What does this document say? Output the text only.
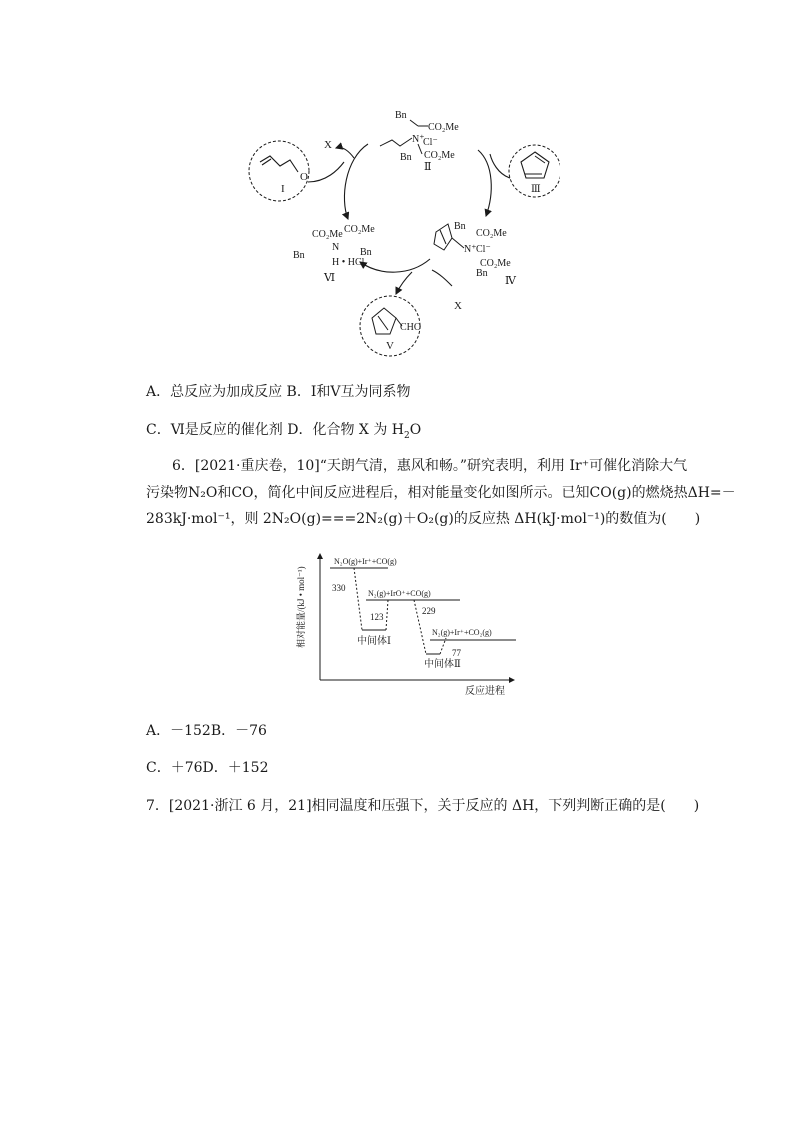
O
I	Ⅲ
Bn
CO₂Me
N⁺
Cl⁻
CO₂Me
Bn
Ⅱ
Bn
CO₂Me
N⁺ Cl⁻
CO₂Me
Bn
Ⅳ
CO₂Me CO₂Me
N Bn
Bn
H • HCl
Ⅵ
CHO
V
X
X
A．总反应为加成反应 B．Ⅰ和Ⅴ互为同系物
C．Ⅵ是反应的催化剂 D．化合物 X 为 $H_2O$
6．[2021·重庆卷，10]“天朗气清，惠风和畅。”研究表明，利用 Ir⁺可催化消除大气
污染物N₂O和CO，简化中间反应进程后，相对能量变化如图所示。已知CO(g)的燃烧热ΔH=－
283kJ·mol⁻¹，则 2N₂O(g)===2N₂(g)＋O₂(g)的反应热 ΔH(kJ·mol⁻¹)的数值为(　　)
相对能量/(kJ • mol⁻¹)
反应进程
N₂O(g)+Ir⁺+CO(g)
330
123
中间体Ⅰ
N₂(g)+IrO⁺+CO(g)
229
中间体Ⅱ
N₂(g)+Ir⁺+CO₂(g)
77
A．－152B．－76
C．＋76D．＋152
7．[2021·浙江 6 月，21]相同温度和压强下，关于反应的 ΔH，下列判断正确的是(　　)
